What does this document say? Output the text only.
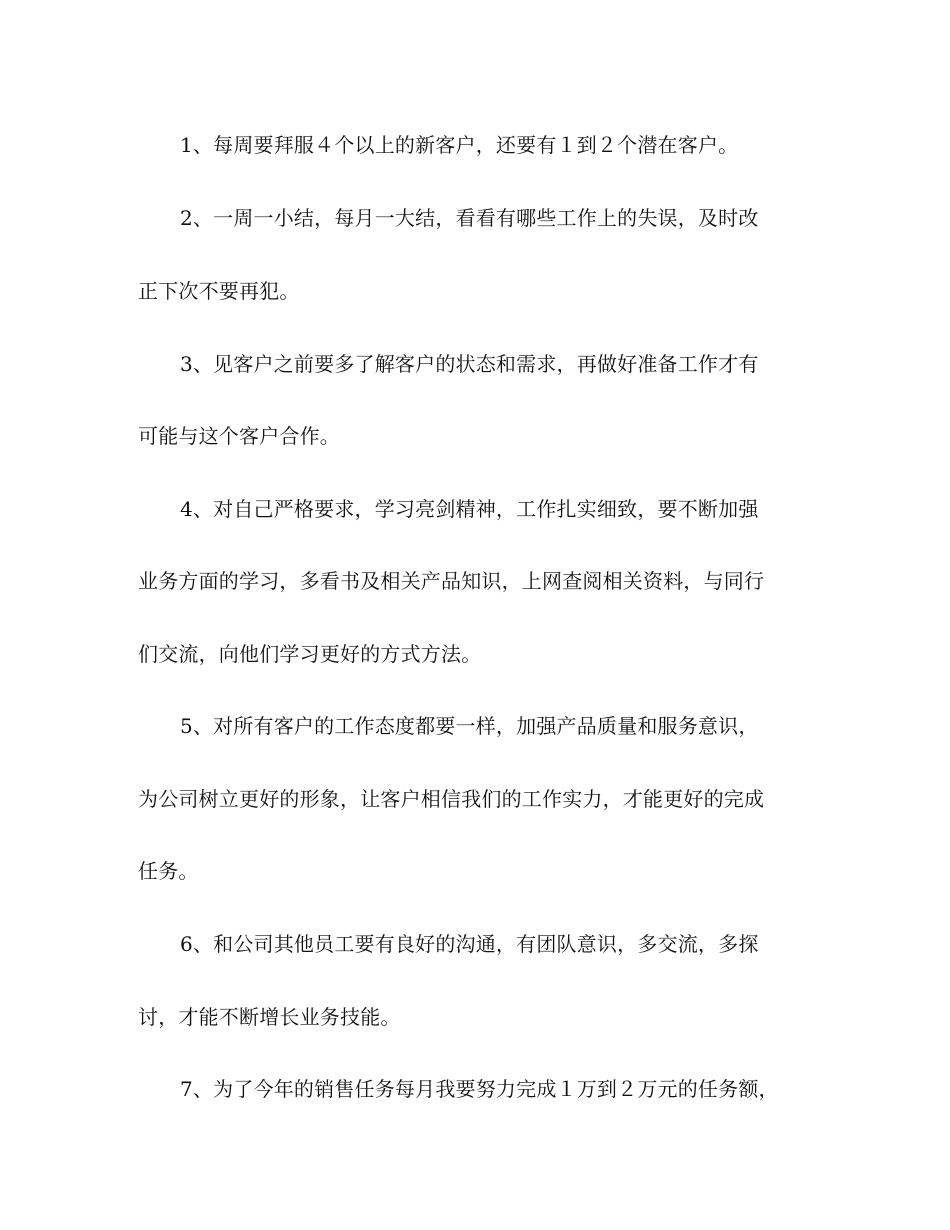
1、每周要拜服４个以上的新客户，还要有１到２个潜在客户。
2、一周一小结，每月一大结，看看有哪些工作上的失误，及时改
正下次不要再犯。
3、见客户之前要多了解客户的状态和需求，再做好准备工作才有
可能与这个客户合作。
4、对自己严格要求，学习亮剑精神，工作扎实细致，要不断加强
业务方面的学习，多看书及相关产品知识，上网查阅相关资料，与同行
们交流，向他们学习更好的方式方法。
5、对所有客户的工作态度都要一样，加强产品质量和服务意识，
为公司树立更好的形象，让客户相信我们的工作实力，才能更好的完成
任务。
6、和公司其他员工要有良好的沟通，有团队意识，多交流，多探
讨，才能不断增长业务技能。
7、为了今年的销售任务每月我要努力完成１万到２万元的任务额，
